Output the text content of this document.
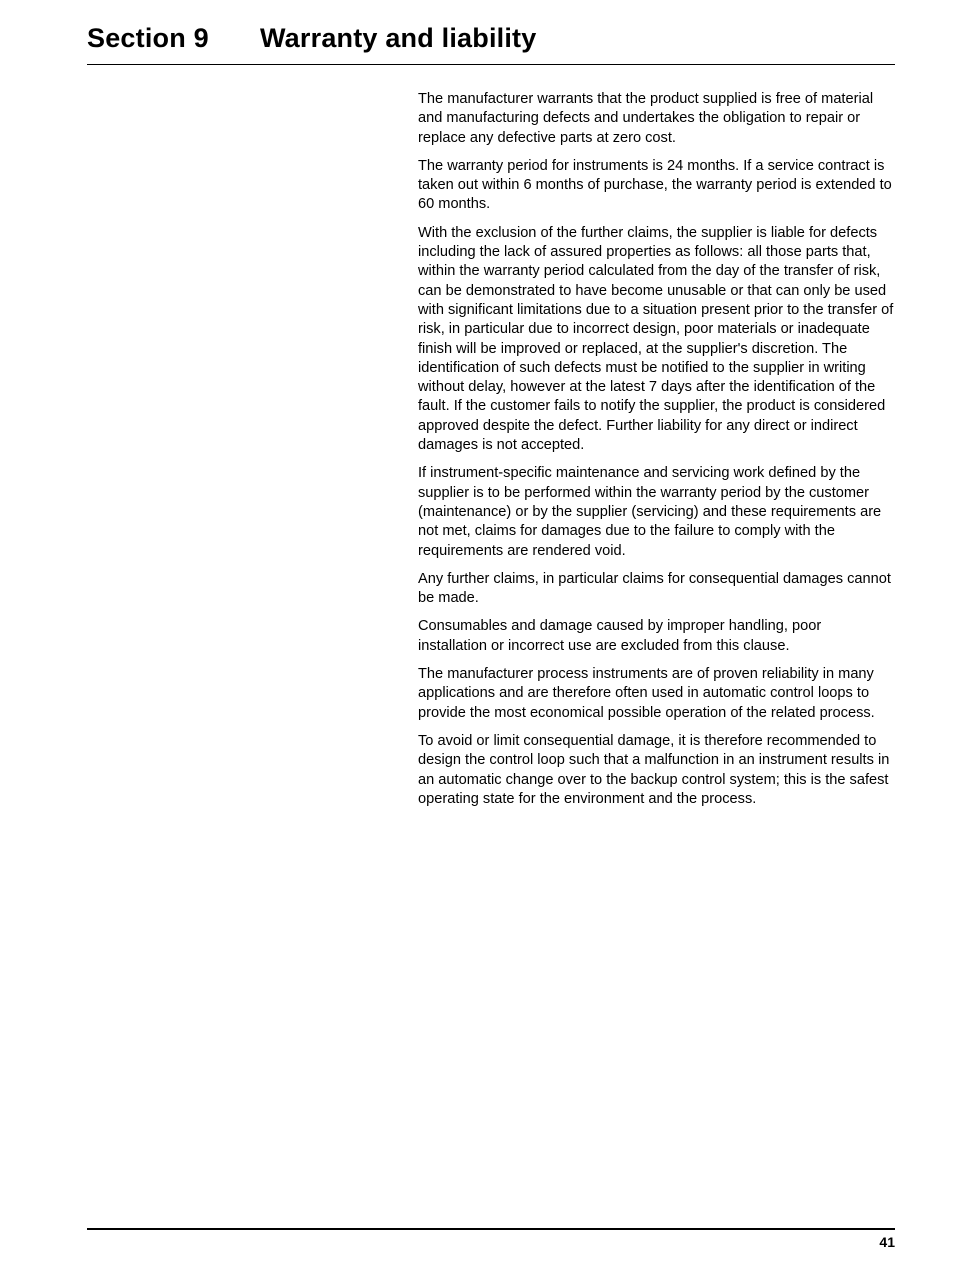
Section 9 Warranty and liability

The manufacturer warrants that the product supplied is free of material and manufacturing defects and undertakes the obligation to repair or replace any defective parts at zero cost.

The warranty period for instruments is 24 months. If a service contract is taken out within 6 months of purchase, the warranty period is extended to 60 months.

With the exclusion of the further claims, the supplier is liable for defects including the lack of assured properties as follows: all those parts that, within the warranty period calculated from the day of the transfer of risk, can be demonstrated to have become unusable or that can only be used with significant limitations due to a situation present prior to the transfer of risk, in particular due to incorrect design, poor materials or inadequate finish will be improved or replaced, at the supplier's discretion. The identification of such defects must be notified to the supplier in writing without delay, however at the latest 7 days after the identification of the fault. If the customer fails to notify the supplier, the product is considered approved despite the defect. Further liability for any direct or indirect damages is not accepted.

If instrument-specific maintenance and servicing work defined by the supplier is to be performed within the warranty period by the customer (maintenance) or by the supplier (servicing) and these requirements are not met, claims for damages due to the failure to comply with the requirements are rendered void.

Any further claims, in particular claims for consequential damages cannot be made.

Consumables and damage caused by improper handling, poor installation or incorrect use are excluded from this clause.

The manufacturer process instruments are of proven reliability in many applications and are therefore often used in automatic control loops to provide the most economical possible operation of the related process.

To avoid or limit consequential damage, it is therefore recommended to design the control loop such that a malfunction in an instrument results in an automatic change over to the backup control system; this is the safest operating state for the environment and the process.

41
